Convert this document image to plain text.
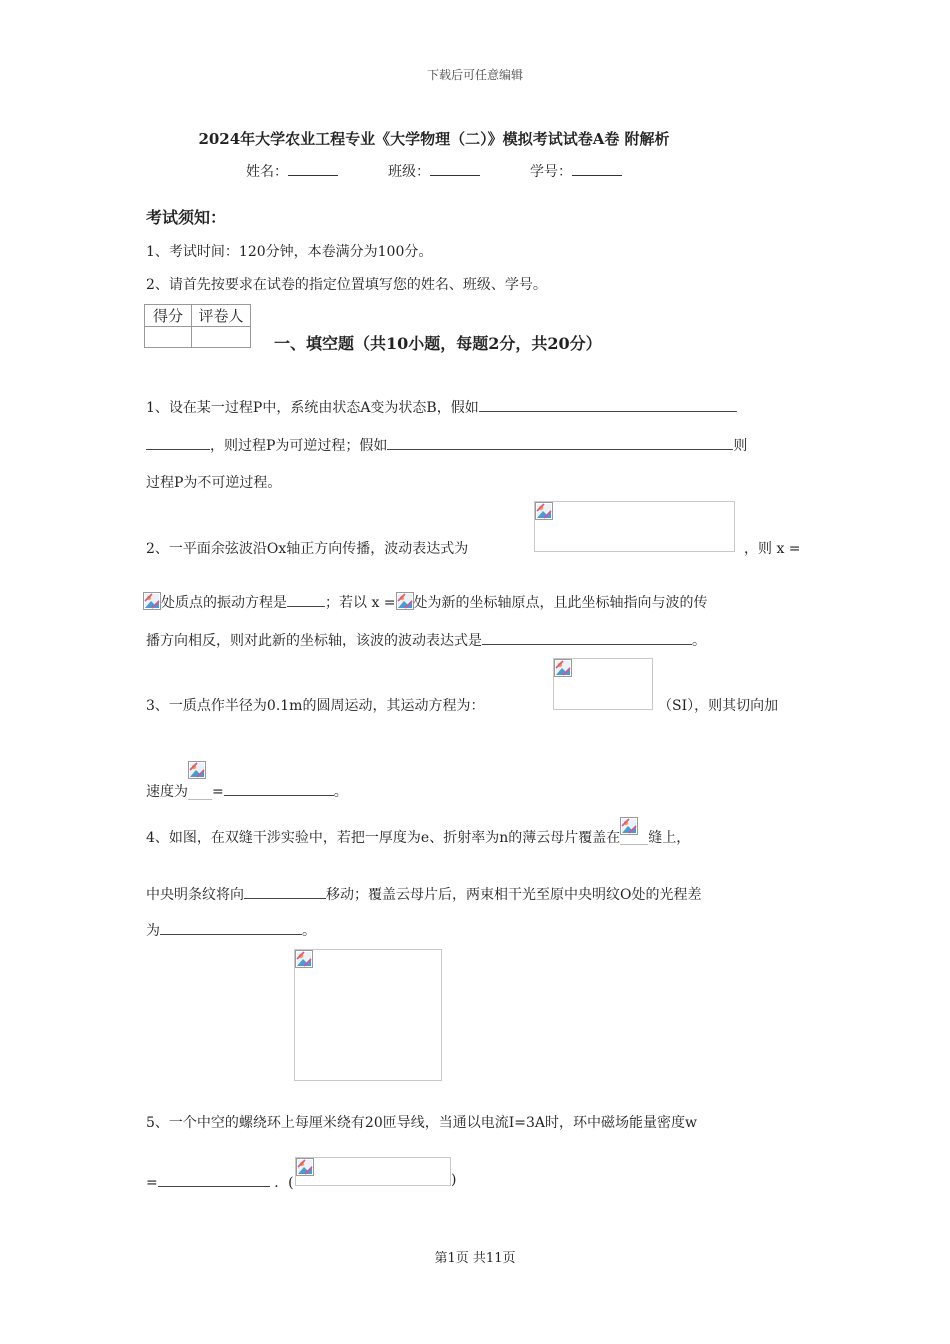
下载后可任意编辑
2024年大学农业工程专业《大学物理（二）》模拟考试试卷A卷 附解析
姓名：	班级：	学号：
考试须知：
1、考试时间：120分钟，本卷满分为100分。
2、请首先按要求在试卷的指定位置填写您的姓名、班级、学号。
得分	评卷人

一、填空题（共10小题，每题2分，共20分）
1、设在某一过程P中，系统由状态A变为状态B，假如
，则过程P为可逆过程；假如	则
过程P为不可逆过程。
2、一平面余弦波沿Ox轴正方向传播，波动表达式为	，则 x =
处质点的振动方程是	；若以 x = 处为新的坐标轴原点，且此坐标轴指向与波的传
播方向相反，则对此新的坐标轴，该波的波动表达式是	。
3、一质点作半径为0.1m的圆周运动，其运动方程为：	（SI），则其切向加
速度为 =	。
4、如图，在双缝干涉实验中，若把一厚度为e、折射率为n的薄云母片覆盖在 缝上，
中央明条纹将向	移动；覆盖云母片后，两束相干光至原中央明纹O处的光程差
为	。
5、一个中空的螺绕环上每厘米绕有20匝导线，当通以电流I=3A时，环中磁场能量密度w
=	．(	)
第1页 共11页
